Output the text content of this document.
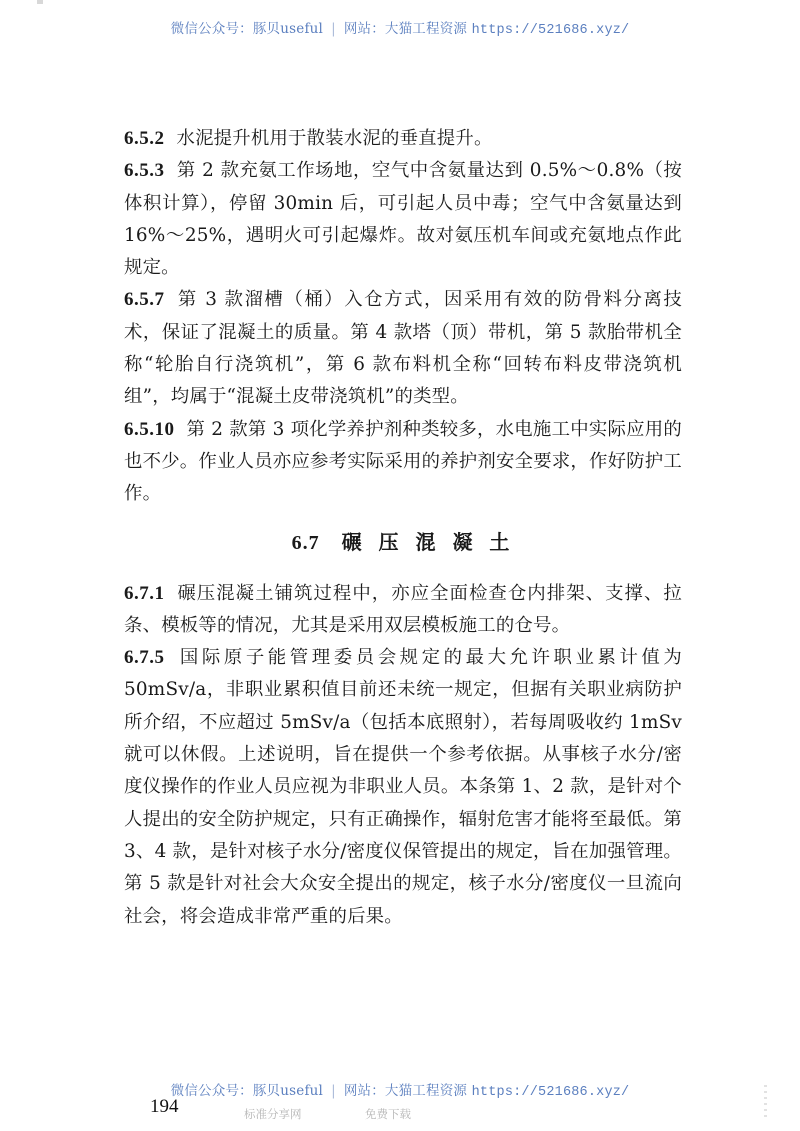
微信公众号：豚贝useful | 网站：大猫工程资源 https://521686.xyz/

6.5.2 水泥提升机用于散装水泥的垂直提升。

6.5.3 第 2 款充氨工作场地，空气中含氨量达到 0.5%～0.8%（按体积计算），停留 30min 后，可引起人员中毒；空气中含氨量达到 16%～25%，遇明火可引起爆炸。故对氨压机车间或充氨地点作此规定。

6.5.7 第 3 款溜槽（桶）入仓方式，因采用有效的防骨料分离技术，保证了混凝土的质量。第 4 款塔（顶）带机，第 5 款胎带机全称“轮胎自行浇筑机”，第 6 款布料机全称“回转布料皮带浇筑机组”，均属于“混凝土皮带浇筑机”的类型。

6.5.10 第 2 款第 3 项化学养护剂种类较多，水电施工中实际应用的也不少。作业人员亦应参考实际采用的养护剂安全要求，作好防护工作。

6.7 碾 压 混 凝 土

6.7.1 碾压混凝土铺筑过程中，亦应全面检查仓内排架、支撑、拉条、模板等的情况，尤其是采用双层模板施工的仓号。

6.7.5 国际原子能管理委员会规定的最大允许职业累计值为 50mSv/a，非职业累积值目前还未统一规定，但据有关职业病防护所介绍，不应超过 5mSv/a（包括本底照射），若每周吸收约 1mSv 就可以休假。上述说明，旨在提供一个参考依据。从事核子水分/密度仪操作的作业人员应视为非职业人员。本条第 1、2 款，是针对个人提出的安全防护规定，只有正确操作，辐射危害才能将至最低。第 3、4 款，是针对核子水分/密度仪保管提出的规定，旨在加强管理。第 5 款是针对社会大众安全提出的规定，核子水分/密度仪一旦流向社会，将会造成非常严重的后果。

微信公众号：豚贝useful | 网站：大猫工程资源 https://521686.xyz/
194	标准分享网	免费下载
